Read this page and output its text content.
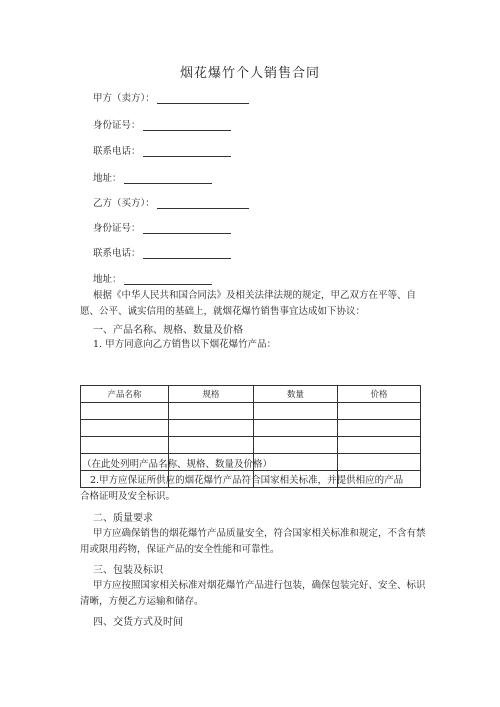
烟花爆竹个人销售合同
甲方（卖方）：
身份证号：
联系电话：
地址：
乙方（买方）：
身份证号：
联系电话：
地址：
根据《中华人民共和国合同法》及相关法律法规的规定，甲乙双方在平等、自
愿、公平、诚实信用的基础上，就烟花爆竹销售事宜达成如下协议：
一、产品名称、规格、数量及价格
1. 甲方同意向乙方销售以下烟花爆竹产品：
产品名称	规格	数量	价格

（在此处列明产品名称、规格、数量及价格）
2.甲方应保证所供应的烟花爆竹产品符合国家相关标准，并提供相应的产品
合格证明及安全标识。
二、质量要求
甲方应确保销售的烟花爆竹产品质量安全，符合国家相关标准和规定，不含有禁
用或限用药物，保证产品的安全性能和可靠性。
三、包装及标识
甲方应按照国家相关标准对烟花爆竹产品进行包装，确保包装完好、安全、标识
清晰，方便乙方运输和储存。
四、交货方式及时间
